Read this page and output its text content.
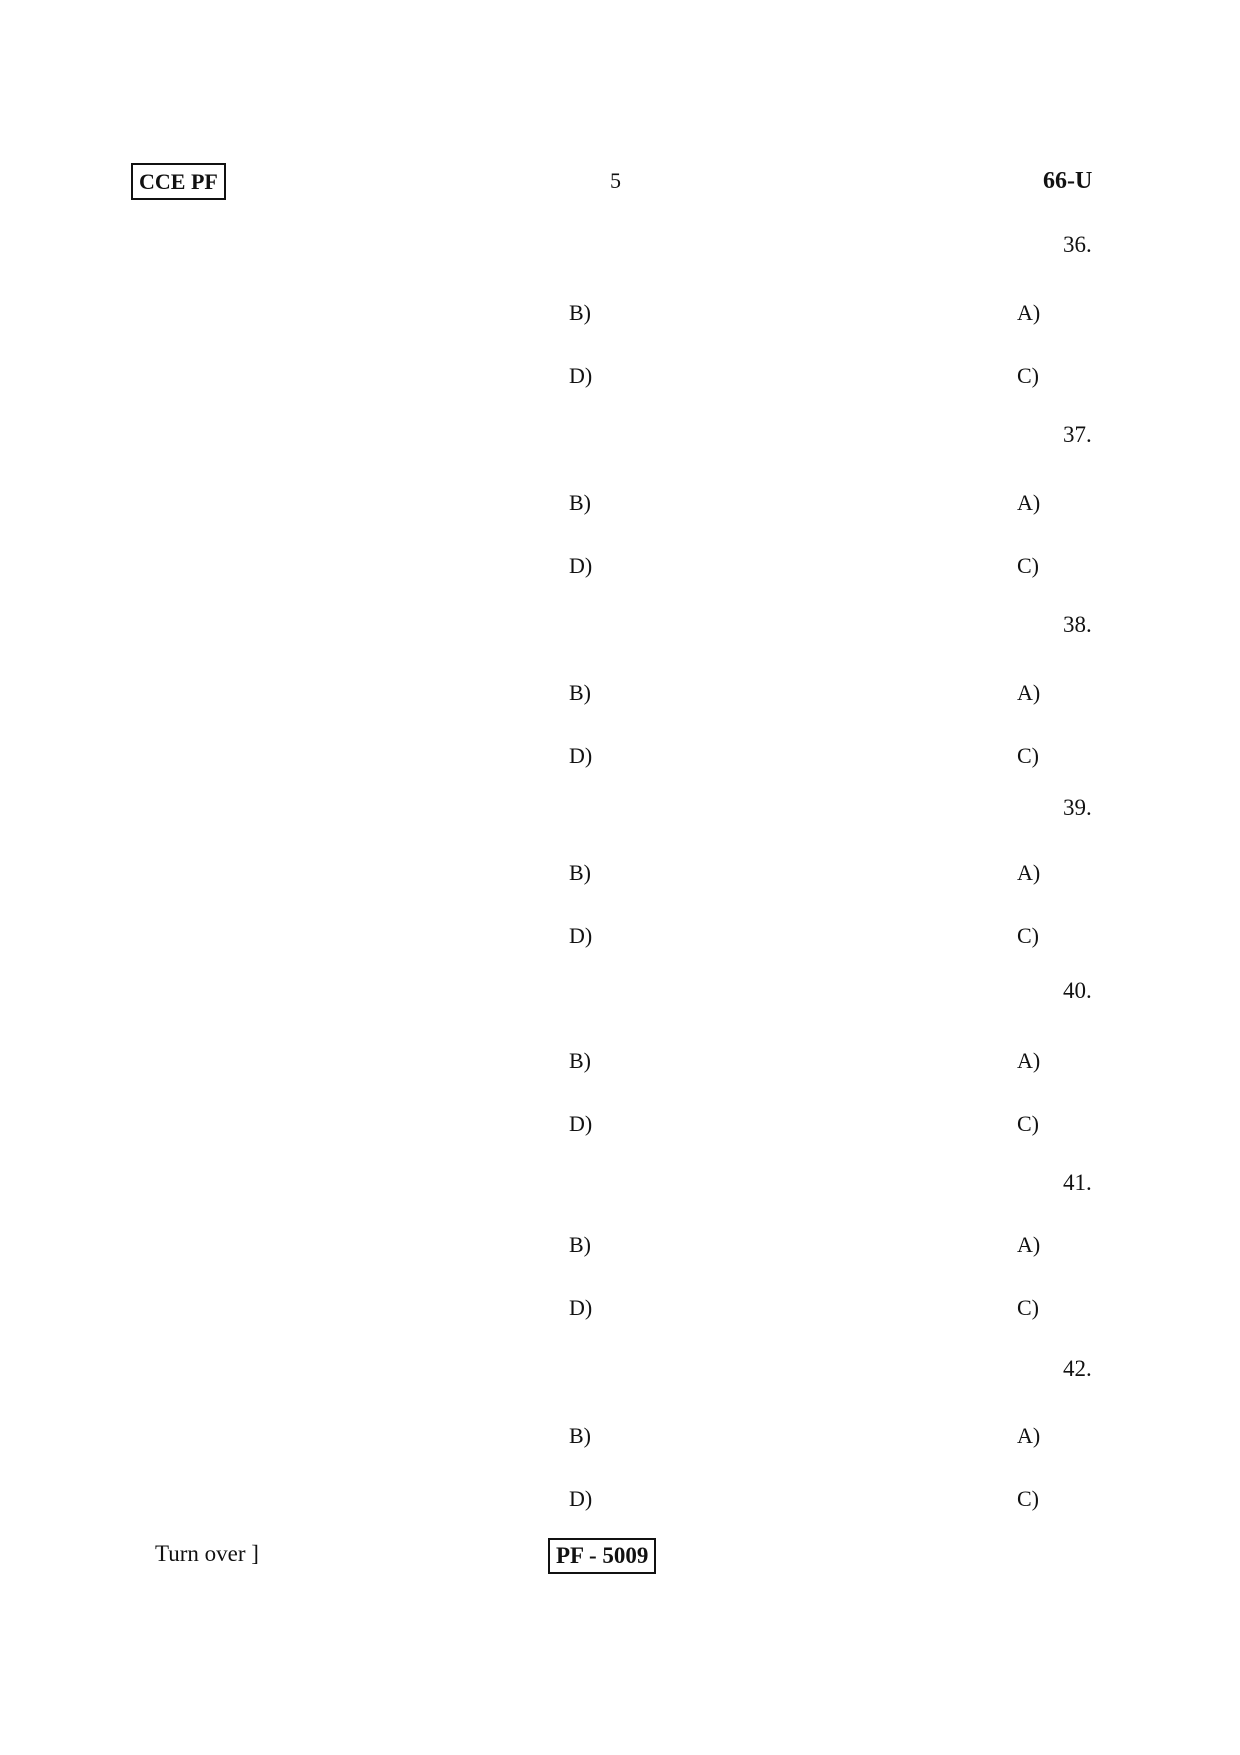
CCE PF	5	66-U
36.
A)
B)
C)
D)
37.
A)
B)
C)
D)
38.
A)
B)
C)
D)
39.
A)
B)
C)
D)
40.
A)
B)
C)
D)
41.
A)
B)
C)
D)
42.
A)
B)
C)
D)
Turn over ]	PF - 5009
